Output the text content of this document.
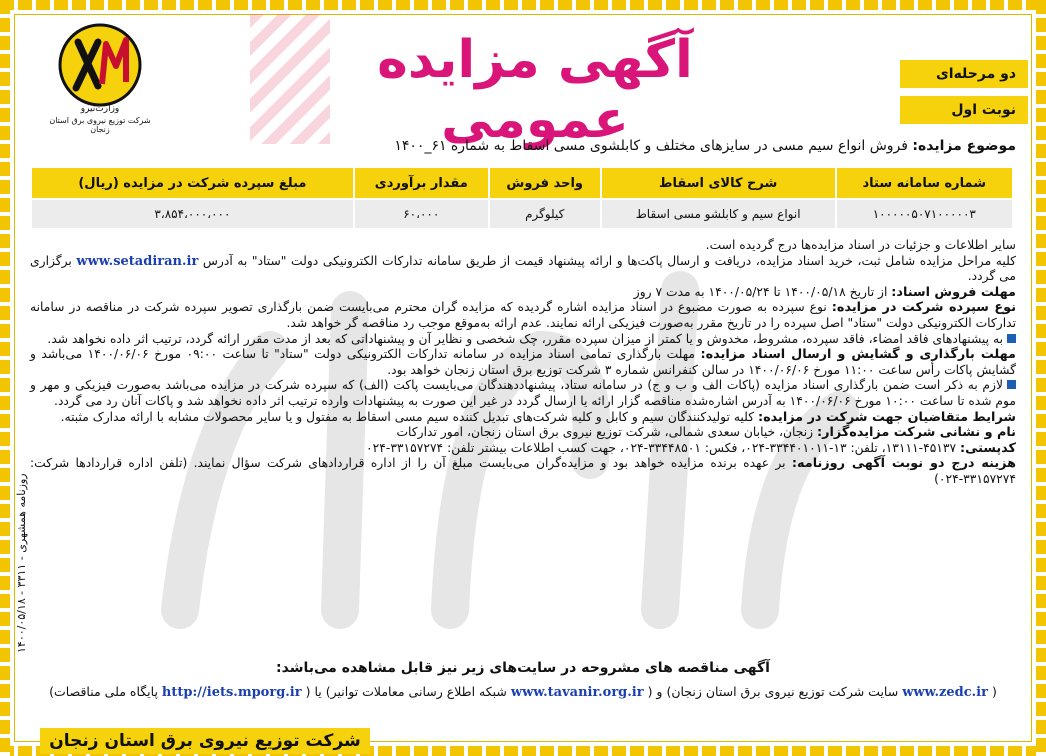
وزارت‌نیرو
شرکت توزیع نیروی برق استان زنجان
آگهی مزایده عمومی
دو مرحله‌ای
نوبت اول
موضوع مزایده: فروش انواع سیم مسی در سایزهای مختلف و کابلشوی مسی اسقاط به شماره ۶۱_۱۴۰۰
شماره سامانه ستاد	شرح کالای اسقاط	واحد فروش	مقدار برآوردی	مبلغ سپرده شرکت در مزایده (ریال)
۱۰۰۰۰۰۵۰۷۱۰۰۰۰۰۳	انواع سیم و کابلشو مسی اسقاط	کیلوگرم	۶۰،۰۰۰	۳،۸۵۴،۰۰۰،۰۰۰

سایر اطلاعات و جزئیات در اسناد مزایده‌ها درج گردیده است.

کلیه مراحل مزایده شامل ثبت، خرید اسناد مزایده، دریافت و ارسال پاکت‌ها و ارائه پیشنهاد قیمت از طریق سامانه تدارکات الکترونیکی دولت "ستاد" به آدرس www.setadiran.ir برگزاری می گردد.

مهلت فروش اسناد: از تاریخ ۱۴۰۰/۰۵/۱۸ تا ۱۴۰۰/۰۵/۲۴ به مدت ۷ روز

نوع سپرده شرکت در مزایده: نوع سپرده به صورت مضبوع در اسناد مزایده اشاره گردیده که مزایده گران محترم می‌بایست ضمن بارگذاری تصویر سپرده شرکت در مناقصه در سامانه تدارکات الکترونیکی دولت "ستاد" اصل سپرده را در تاریخ مقرر به‌صورت فیزیکی ارائه نمایند. عدم ارائه به‌موقع موجب رد مناقصه گر خواهد شد.

به پیشنهادهای فاقد امضاء، فاقد سپرده، مشروط، مخدوش و یا کمتر از میزان سپرده مقرر، چک شخصی و نظایر آن و پیشنهاداتی که بعد از مدت مقرر ارائه گردد، ترتیب اثر داده نخواهد شد.

مهلت بارگذاری و گشایش و ارسال اسناد مزایده: مهلت بارگذاری تمامی اسناد مزایده در سامانه تدارکات الکترونیکی دولت "ستاد" تا ساعت ۰۹:۰۰ مورخ ۱۴۰۰/۰۶/۰۶ می‌باشد و گشایش پاکات رأس ساعت ۱۱:۰۰ مورخ ۱۴۰۰/۰۶/۰۶ در سالن کنفرانس شماره ۳ شرکت توزیع برق استان زنجان خواهد بود.

لازم به ذکر است ضمن بارگذاری اسناد مزایده (پاکات الف و ب و ج) در سامانه ستاد، پیشنهاددهندگان می‌بایست پاکت (الف) که سپرده شرکت در مزایده می‌باشد به‌صورت فیزیکی و مهر و موم شده تا ساعت ۱۰:۰۰ مورخ ۱۴۰۰/۰۶/۰۶ به آدرس اشاره‌شده مناقصه گزار ارائه یا ارسال گردد در غیر این صورت به پیشنهادات وارده ترتیب اثر داده نخواهد شد و پاکات آنان رد می گردد.

شرایط متقاضیان جهت شرکت در مزایده: کلیه تولیدکنندگان سیم و کابل و کلیه شرکت‌های تبدیل کننده سیم مسی اسقاط به مفتول و یا سایر محصولات مشابه با ارائه مدارک مثبته.

نام و نشانی شرکت مزایده‌گزار: زنجان، خیابان سعدی شمالی، شرکت توزیع نیروی برق استان زنجان، امور تدارکات

کدپستی: ۴۵۱۳۷-۱۳۱۱۱، تلفن: ۱۳-۳۳۴۴۰۱۰۱۱-۰۲۴، فکس: ۳۳۴۴۸۵۰۱-۰۲۴، جهت کسب اطلاعات بیشتر تلفن: ۳۳۱۵۷۲۷۴-۰۲۴

هزینه درج دو نوبت آگهی روزنامه: بر عهده برنده مزایده خواهد بود و مزایده‌گران می‌بایست مبلغ آن را از اداره قراردادهای شرکت سؤال نمایند. (تلفن اداره قراردادها شرکت: ۳۳۱۵۷۲۷۴-۰۲۴)

آگهی مناقصه های مشروحه در سایت‌های زیر نیز قابل مشاهده می‌باشد:
( www.zedc.ir سایت شرکت توزیع نیروی برق استان زنجان) و ( www.tavanir.org.ir شبکه اطلاع رسانی معاملات توانیر) یا ( http://iets.mporg.ir پایگاه ملی مناقصات)
شرکت توزیع نیروی برق استان زنجان
روزنامه همشهری - ۳۳۱۱ - ۱۴۰۰/۰۵/۱۸
